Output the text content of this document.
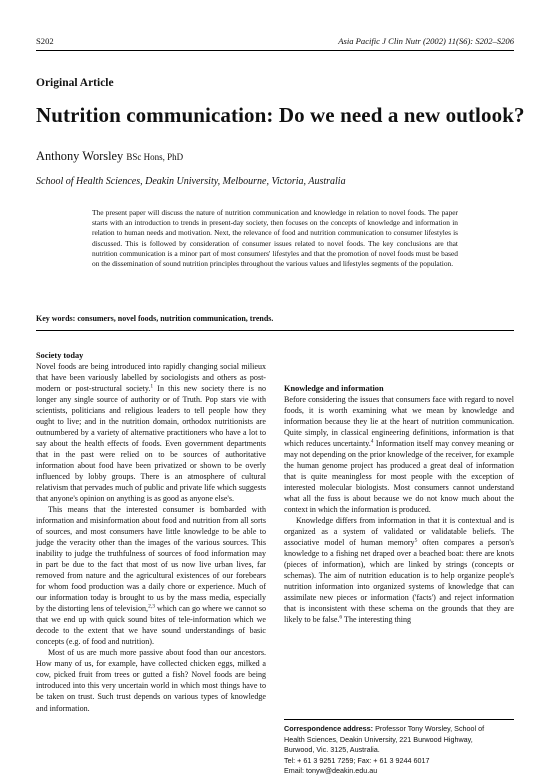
S202	Asia Pacific J Clin Nutr (2002) 11(S6): S202–S206
Original Article
Nutrition communication: Do we need a new outlook?
Anthony Worsley BSc Hons, PhD
School of Health Sciences, Deakin University, Melbourne, Victoria, Australia
The present paper will discuss the nature of nutrition communication and knowledge in relation to novel foods. The paper starts with an introduction to trends in present-day society, then focuses on the concepts of knowledge and information in relation to human needs and motivation. Next, the relevance of food and nutrition communication to consumer lifestyles is discussed. This is followed by consideration of consumer issues related to novel foods. The key conclusions are that nutrition communication is a minor part of most consumers' lifestyles and that the promotion of novel foods must be based on the dissemination of sound nutrition principles throughout the various values and lifestyles segments of the population.
Key words: consumers, novel foods, nutrition communication, trends.
Society today

Novel foods are being introduced into rapidly changing social milieux that have been variously labelled by sociologists and others as post-modern or post-structural society.$^1$ In this new society there is no longer any single source of authority or of Truth. Pop stars vie with scientists, politicians and religious leaders to tell people how they ought to live; and in the nutrition domain, orthodox nutritionists are outnumbered by a variety of alternative practitioners who have a lot to say about the health effects of foods. Even government departments that in the past were relied on to be sources of authoritative information about food have been privatized or shown to be overly influenced by lobby groups. There is an atmosphere of cultural relativism that pervades much of public and private life which suggests that anyone's opinion on anything is as good as anyone else's.

This means that the interested consumer is bombarded with information and misinformation about food and nutrition from all sorts of sources, and most consumers have little knowledge to be able to judge the veracity other than the images of the various sources. This inability to judge the truthfulness of sources of food information may in part be due to the fact that most of us now live urban lives, far removed from nature and the agricultural existences of our forebears for whom food production was a daily chore or experience. Much of our information today is brought to us by the mass media, especially by the distorting lens of television,$^{2,3}$ which can go where we cannot so that we end up with quick sound bites of tele-information which we decode to the extent that we have sound understandings of basic concepts (e.g. of food and nutrition).

Most of us are much more passive about food than our ancestors. How many of us, for example, have collected chicken eggs, milked a cow, picked fruit from trees or gutted a fish? Novel foods are being introduced into this very uncertain world in which most things have to be taken on trust. Such trust depends on various types of knowledge and information.

Knowledge and information

Before considering the issues that consumers face with regard to novel foods, it is worth examining what we mean by knowledge and information because they lie at the heart of nutrition communication. Quite simply, in classical engineering definitions, information is that which reduces uncertainty.$^4$ Information itself may convey meaning or may not depending on the prior knowledge of the receiver, for example the human genome project has produced a great deal of information that is quite meaningless for most people with the exception of interested molecular biologists. Most consumers cannot understand what all the fuss is about because we do not know much about the context in which the information is produced.

Knowledge differs from information in that it is contextual and is organized as a system of validated or validatable beliefs. The associative model of human memory$^5$ often compares a person's knowledge to a fishing net draped over a beached boat: there are knots (pieces of information), which are linked by strings (concepts or schemas). The aim of nutrition education is to help organize people's nutrition information into organized systems of knowledge that can assimilate new pieces or information ('facts') and reject information that is inconsistent with these schema on the grounds that they are likely to be false.$^6$ The interesting thing

Correspondence address: Professor Tony Worsley, School of
Health Sciences, Deakin University, 221 Burwood Highway,
Burwood, Vic. 3125, Australia.
Tel: + 61 3 9251 7259; Fax: + 61 3 9244 6017
Email: tonyw@deakin.edu.au
